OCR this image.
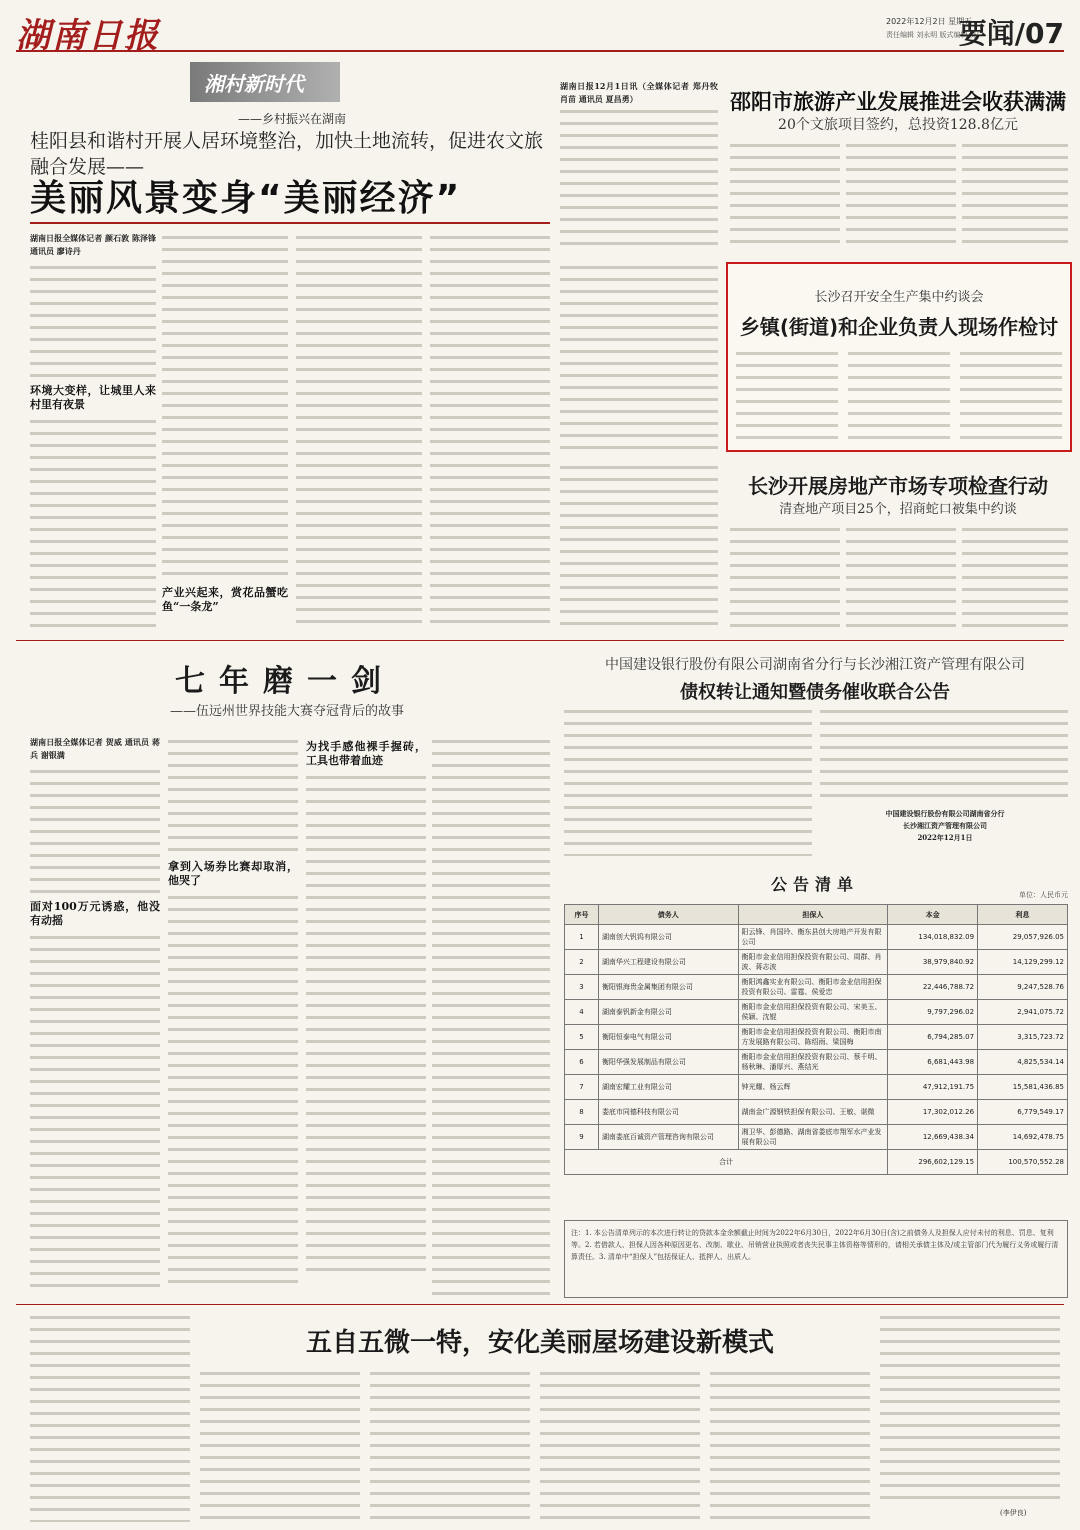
湖南日报	2022年12月2日 星期五
责任编辑 刘永明 版式编辑 吴广
要闻/07
湘村新时代
——乡村振兴在湖南
桂阳县和谐村开展人居环境整治，加快土地流转，促进农文旅融合发展——
美丽风景变身“美丽经济”
湖南日报全媒体记者 颜石敦 陈泽锋 通讯员 廖诗丹
环境大变样，让城里人来村里有夜景
产业兴起来，赏花品蟹吃鱼“一条龙”
湖南日报12月1日讯（全媒体记者 郑丹牧 肖苗 通讯员 夏昌勇）	邵阳市旅游产业发展推进会收获满满
20个文旅项目签约，总投资128.8亿元
长沙召开安全生产集中约谈会
乡镇(街道)和企业负责人现场作检讨
长沙开展房地产市场专项检查行动
清查地产项目25个，招商蛇口被集中约谈
七年磨一剑
——伍远州世界技能大赛夺冠背后的故事
湖南日报全媒体记者 贺威 通讯员 蒋兵 谢银满
面对100万元诱惑，他没有动摇
拿到入场券比赛却取消，他哭了
为找手感他裸手握砖，工具也带着血迹
中国建设银行股份有限公司湖南省分行与长沙湘江资产管理有限公司
债权转让通知暨债务催收联合公告
中国建设银行股份有限公司湖南省分行
长沙湘江资产管理有限公司
2022年12月1日
公告清单
单位：人民币元
序号	债务人	担保人	本金	利息
1	湖南创大钒钨有限公司	阳云锋、肖国玲、衡东县创大房地产开发有限公司	134,018,832.09	29,057,926.05
2	湖南华兴工程建设有限公司	衡阳市金业信用担保投资有限公司、周群、肖波、蒋志波	38,979,840.92	14,129,299.12
3	衡阳银海贵金属集团有限公司	衡阳鸿鑫实业有限公司、衡阳市金业信用担保投资有限公司、雷霆、侯爱忠	22,446,788.72	9,247,528.76
4	湖南泰钒新金有限公司	衡阳市金业信用担保投资有限公司、宋美玉、侯颖、沈锟	9,797,296.02	2,941,075.72
5	衡阳恒泰电气有限公司	衡阳市金业信用担保投资有限公司、衡阳市南方发展路有限公司、陈绍雨、梁国梅	6,794,285.07	3,315,723.72
6	衡阳华强发展制品有限公司	衡阳市金业信用担保投资有限公司、蔡千明、杨秋琳、潘厚兴、燕结光	6,681,443.98	4,825,534.14
7	湖南宏耀工业有限公司	钟光耀、杨云辉	47,912,191.75	15,581,436.85
8	娄底市同德科技有限公司	湖南金广源钢铁担保有限公司、王敏、谌微	17,302,012.26	6,779,549.17
9	湖南娄底百诚资产管理咨询有限公司	湘卫华、彭德路、湖南省娄底市翔军水产业发展有限公司	12,669,438.34	14,692,478.75
合计			296,602,129.15	100,570,552.28
注：1. 本公告清单列示的本次进行转让的贷款本金余额截止时间为2022年6月30日，2022年6月30日(含)之前债务人及担保人应付未付的利息、罚息、复利等。2. 若借款人、担保人因各种原因更名、改制、歇业、吊销营业执照或者丧失民事主体资格等情形的，请相关承债主体及/或主管部门代为履行义务或履行清算责任。3. 清单中“担保人”包括保证人、抵押人、出质人。
五自五微一特，安化美丽屋场建设新模式
(李伊良)
